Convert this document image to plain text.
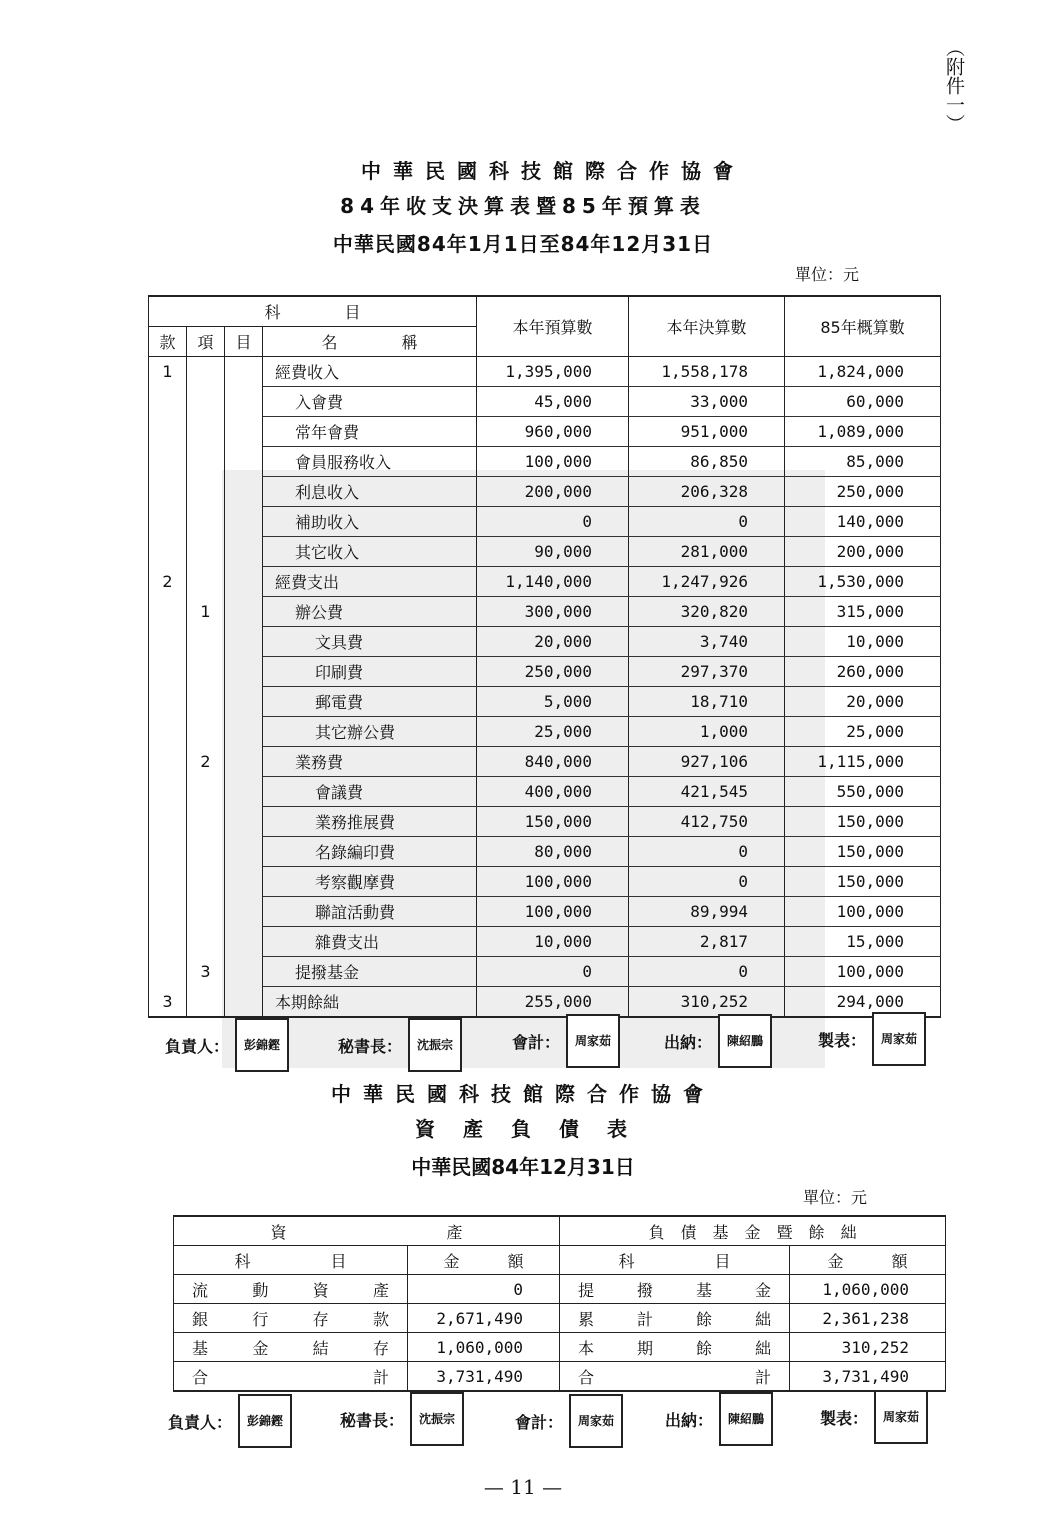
（附件一）
中華民國科技館際合作協會
84年收支決算表暨85年預算表
中華民國84年1月1日至84年12月31日
單位：元
科　　　　目				本年預算數	本年決算數	85年概算數
款	項	目	名　　　　稱			
1			經費收入	1,395,000	1,558,178	1,824,000
			入會費	45,000	33,000	60,000
			常年會費	960,000	951,000	1,089,000
			會員服務收入	100,000	86,850	85,000
			利息收入	200,000	206,328	250,000
			補助收入	0	0	140,000
			其它收入	90,000	281,000	200,000
2			經費支出	1,140,000	1,247,926	1,530,000
	1		辦公費	300,000	320,820	315,000
			文具費	20,000	3,740	10,000
			印刷費	250,000	297,370	260,000
			郵電費	5,000	18,710	20,000
			其它辦公費	25,000	1,000	25,000
	2		業務費	840,000	927,106	1,115,000
			會議費	400,000	421,545	550,000
			業務推展費	150,000	412,750	150,000
			名錄編印費	80,000	0	150,000
			考察觀摩費	100,000	0	150,000
			聯誼活動費	100,000	89,994	100,000
			雜費支出	10,000	2,817	15,000
	3		提撥基金	0	0	100,000
3			本期餘絀	255,000	310,252	294,000
負責人：	彭錦鏗	秘書長：	沈振宗	會計：	周家茹	出納：	陳紹鵬	製表：	周家茹
中華民國科技館際合作協會
資　產　負　債　表
中華民國84年12月31日
單位：元
資　　　　　　　　　　產		負　債　基　金　暨　餘　絀	
科　　　　　目	金　　　額	科　　　　　目	金　　　額
流動資產	0	提撥基金	1,060,000
銀行存款	2,671,490	累計餘絀	2,361,238
基金結存	1,060,000	本期餘絀	310,252
合計	3,731,490	合計	3,731,490
負責人：	彭錦鏗	秘書長：	沈振宗	會計：	周家茹	出納：	陳紹鵬	製表：	周家茹
— 11 —
